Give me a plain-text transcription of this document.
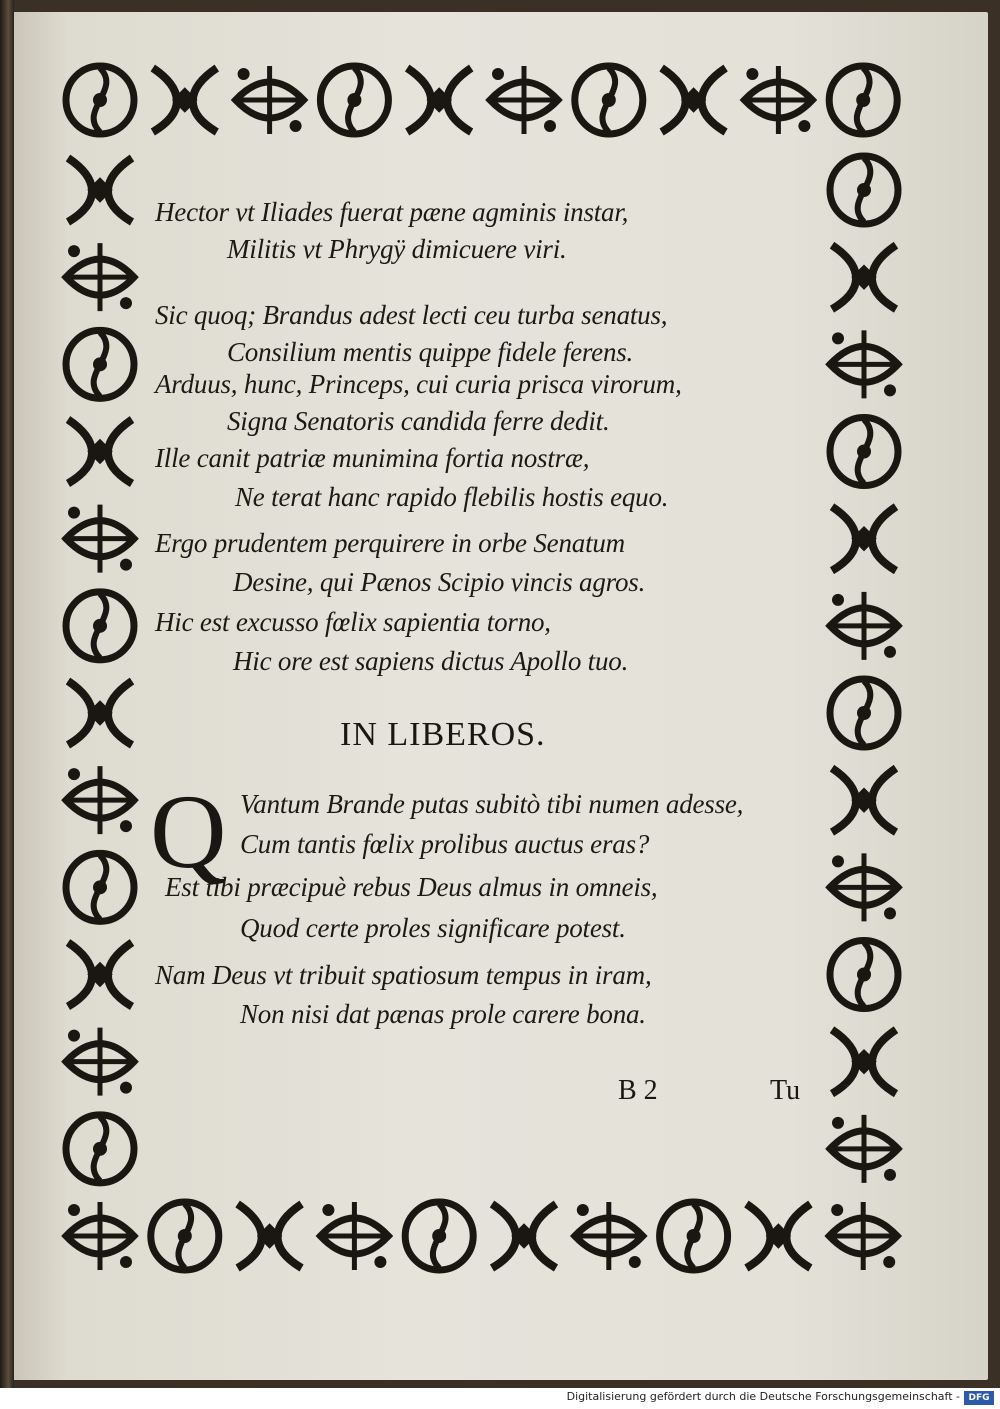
Hector vt Iliades fuerat pæne agminis instar,
Militis vt Phrygÿ dimicuere viri.
Sic quoq; Brandus adest lecti ceu turba senatus,
Consilium mentis quippe fidele ferens.
Arduus, hunc, Princeps, cui curia prisca virorum,
Signa Senatoris candida ferre dedit.
Ille canit patriæ munimina fortia nostræ,
Ne terat hanc rapido flebilis hostis equo.
Ergo prudentem perquirere in orbe Senatum
Desine, qui Pænos Scipio vincis agros.
Hic est excusso fœlix sapientia torno,
Hic ore est sapiens dictus Apollo tuo.
IN LIBEROS.
Q Vantum Brande putas subitò tibi numen adesse,
Cum tantis fœlix prolibus auctus eras?
Est tibi præcipuè rebus Deus almus in omneis,
Quod certe proles significare potest.
Nam Deus vt tribuit spatiosum tempus in iram,
Non nisi dat pænas prole carere bona.
B 2	Tu
Digitalisierung gefördert durch die Deutsche Forschungsgemeinschaft - DFG
